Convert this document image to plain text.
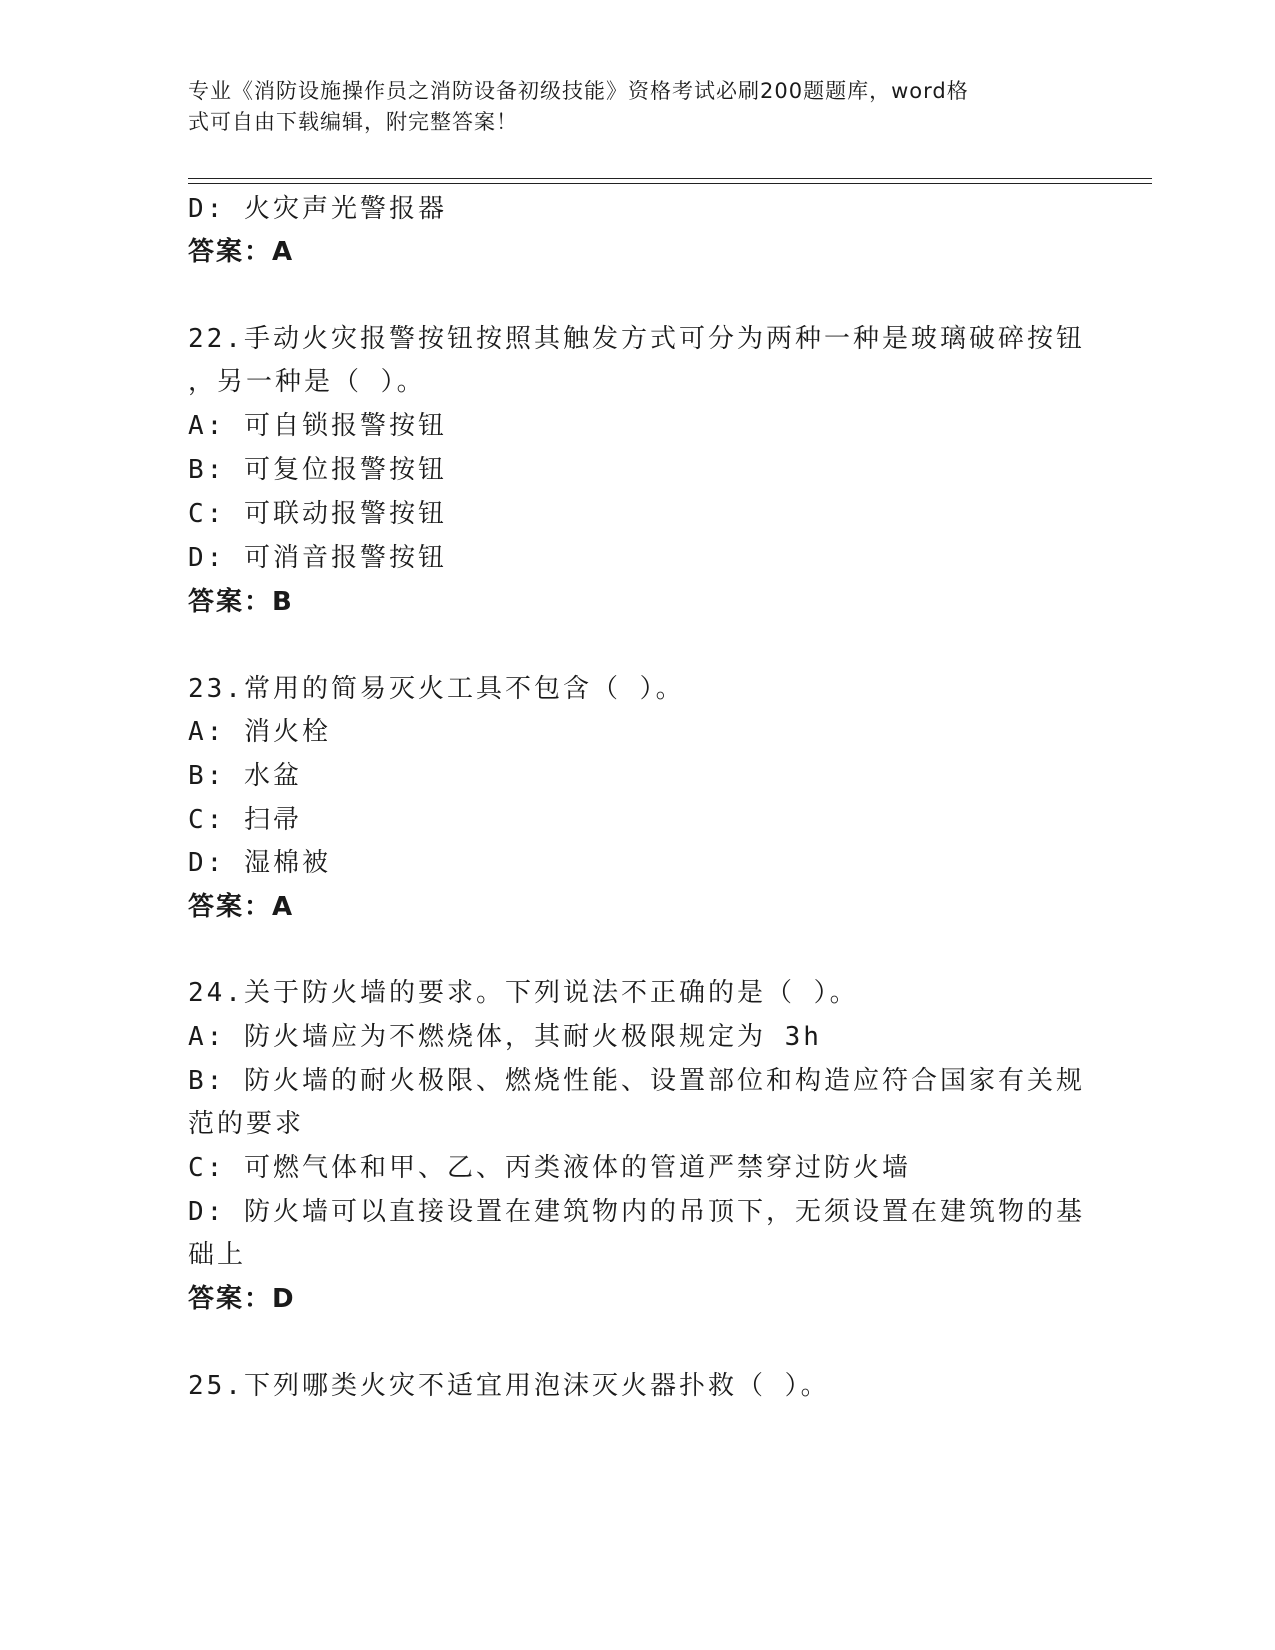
专业《消防设施操作员之消防设备初级技能》资格考试必刷200题题库，word格
式可自由下载编辑，附完整答案！
D: 火灾声光警报器
答案：A
22.手动火灾报警按钮按照其触发方式可分为两种一种是玻璃破碎按钮
，另一种是（ ）。
A: 可自锁报警按钮
B: 可复位报警按钮
C: 可联动报警按钮
D: 可消音报警按钮
答案：B
23.常用的简易灭火工具不包含（ ）。
A: 消火栓
B: 水盆
C: 扫帚
D: 湿棉被
答案：A
24.关于防火墙的要求。下列说法不正确的是（ ）。
A: 防火墙应为不燃烧体，其耐火极限规定为 3h
B: 防火墙的耐火极限、燃烧性能、设置部位和构造应符合国家有关规
范的要求
C: 可燃气体和甲、乙、丙类液体的管道严禁穿过防火墙
D: 防火墙可以直接设置在建筑物内的吊顶下，无须设置在建筑物的基
础上
答案：D
25.下列哪类火灾不适宜用泡沫灭火器扑救（ ）。
